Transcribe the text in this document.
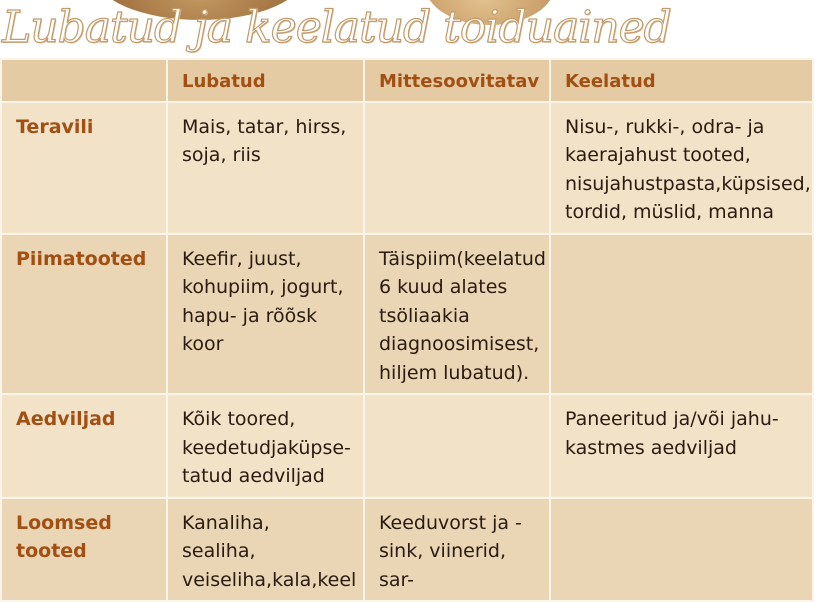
Lubatud ja keelatud toiduained
	Lubatud	Mittesoovitatav	Keelatud
Teravili	Mais, tatar, hirss, soja, riis		Nisu-, rukki-, odra- ja kaerajahust tooted, nisujahustpasta,küpsised, tordid, müslid, manna
Piimatooted	Keefir, juust, kohupiim, jogurt, hapu- ja rõõsk koor	Täispiim(keelatud 6 kuud alates tsöliaakia diagnoosimisest, hiljem lubatud).	
Aedviljad	Kõik toored, keedetudjaküpse-tatud aedviljad		Paneeritud ja/või jahu-kastmes aedviljad
Loomsed tooted	Kanaliha, sealiha, veiseliha,kala,keel	Keeduvorst ja -sink, viinerid, sar-	
